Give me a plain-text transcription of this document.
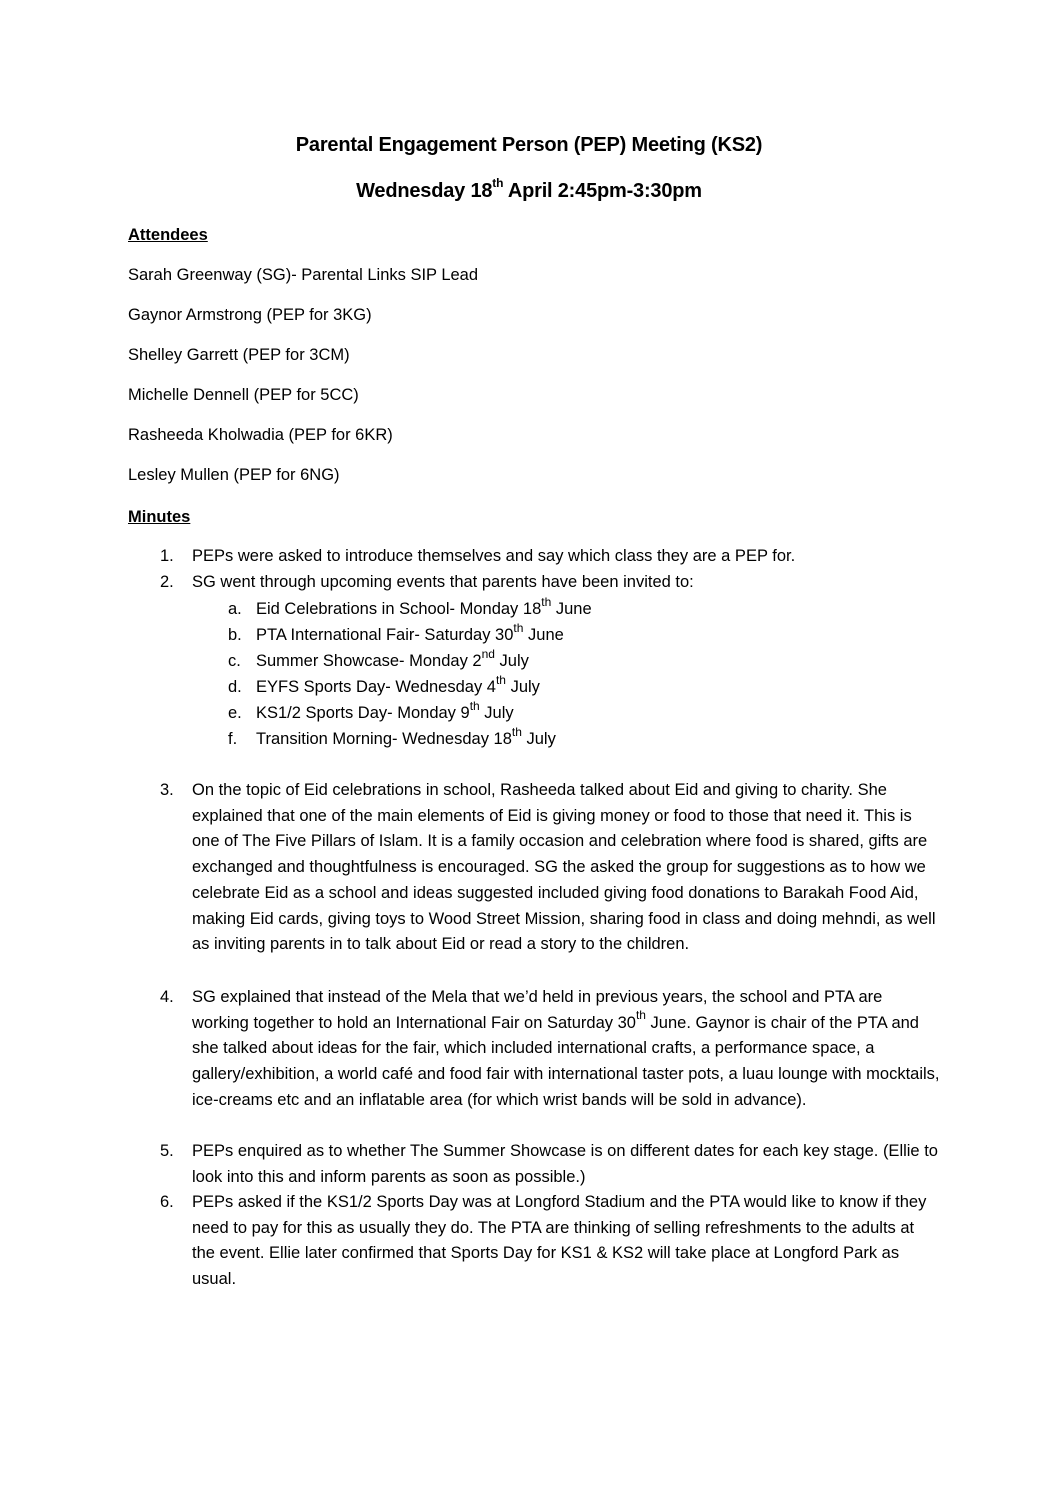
Parental Engagement Person (PEP) Meeting (KS2)
Wednesday 18th April 2:45pm-3:30pm
Attendees
Sarah Greenway (SG)- Parental Links SIP Lead
Gaynor Armstrong (PEP for 3KG)
Shelley Garrett (PEP for 3CM)
Michelle Dennell (PEP for 5CC)
Rasheeda Kholwadia (PEP for 6KR)
Lesley Mullen (PEP for 6NG)
Minutes
1.	PEPs were asked to introduce themselves and say which class they are a PEP for.
2.	SG went through upcoming events that parents have been invited to:
a. Eid Celebrations in School- Monday 18th June
b. PTA International Fair- Saturday 30th June
c. Summer Showcase- Monday 2nd July
d. EYFS Sports Day- Wednesday 4th July
e. KS1/2 Sports Day- Monday 9th July
f. Transition Morning- Wednesday 18th July
3.	On the topic of Eid celebrations in school, Rasheeda talked about Eid and giving to charity. She explained that one of the main elements of Eid is giving money or food to those that need it. This is one of The Five Pillars of Islam. It is a family occasion and celebration where food is shared, gifts are exchanged and thoughtfulness is encouraged. SG the asked the group for suggestions as to how we celebrate Eid as a school and ideas suggested included giving food donations to Barakah Food Aid, making Eid cards, giving toys to Wood Street Mission, sharing food in class and doing mehndi, as well as inviting parents in to talk about Eid or read a story to the children.
4.	SG explained that instead of the Mela that we’d held in previous years, the school and PTA are working together to hold an International Fair on Saturday 30th June. Gaynor is chair of the PTA and she talked about ideas for the fair, which included international crafts, a performance space, a gallery/exhibition, a world café and food fair with international taster pots, a luau lounge with mocktails, ice-creams etc and an inflatable area (for which wrist bands will be sold in advance).
5.	PEPs enquired as to whether The Summer Showcase is on different dates for each key stage. (Ellie to look into this and inform parents as soon as possible.)
6.	PEPs asked if the KS1/2 Sports Day was at Longford Stadium and the PTA would like to know if they need to pay for this as usually they do. The PTA are thinking of selling refreshments to the adults at the event. Ellie later confirmed that Sports Day for KS1 & KS2 will take place at Longford Park as usual.
